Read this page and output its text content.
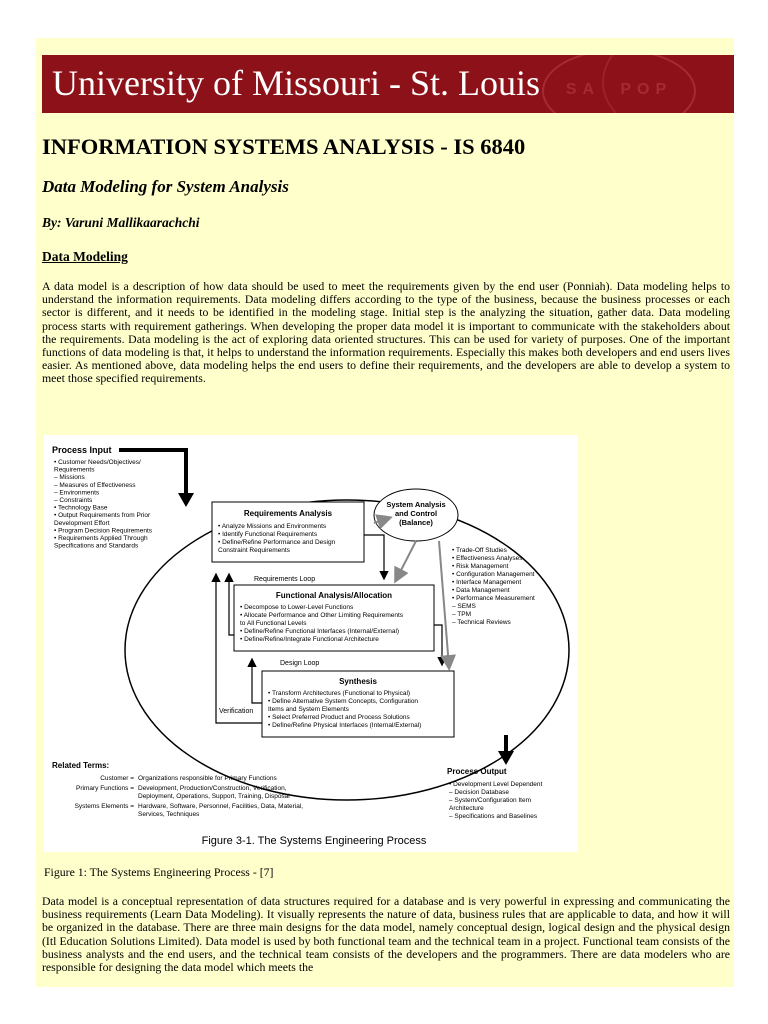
University of Missouri - St. Louis	SA  POP
INFORMATION SYSTEMS ANALYSIS - IS 6840
Data Modeling for System Analysis
By: Varuni Mallikaarachchi
Data Modeling
A data model is a description of how data should be used to meet the requirements given by the end user (Ponniah). Data modeling helps to understand the information requirements. Data modeling differs according to the type of the business, because the business processes or each sector is different, and it needs to be identified in the modeling stage. Initial step is the analyzing the situation, gather data. Data modeling process starts with requirement gatherings. When developing the proper data model it is important to communicate with the stakeholders about the requirements. Data modeling is the act of exploring data oriented structures. This can be used for variety of purposes. One of the important functions of data modeling is that, it helps to understand the information requirements. Especially this makes both developers and end users lives easier. As mentioned above, data modeling helps the end users to define their requirements, and the developers are able to develop a system to meet those specified requirements.
Process Input
• Customer Needs/Objectives/
Requirements
– Missions
– Measures of Effectiveness
– Environments
– Constraints
• Technology Base
• Output Requirements from Prior
Development Effort
• Program Decision Requirements
• Requirements Applied Through
Specifications and Standards
System Analysis
and Control
(Balance)
Requirements Analysis
• Analyze Missions and Environments
• Identify Functional Requirements
• Define/Refine Performance and Design
Constraint Requirements
Requirements Loop
Functional Analysis/Allocation
• Decompose to Lower-Level Functions
• Allocate Performance and Other Limiting Requirements
to All Functional Levels
• Define/Refine Functional Interfaces (Internal/External)
• Define/Refine/Integrate Functional Architecture
Design Loop
Synthesis
• Transform Architectures (Functional to Physical)
• Define Alternative System Concepts, Configuration
Items and System Elements
• Select Preferred Product and Process Solutions
• Define/Refine Physical Interfaces (Internal/External)
Verification
• Trade-Off Studies
• Effectiveness Analyses
• Risk Management
• Configuration Management
• Interface Management
• Data Management
• Performance Measurement
– SEMS
– TPM
– Technical Reviews
Related Terms:
Customer = Organizations responsible for Primary Functions
Primary Functions = Development, Production/Construction, Verification,
Deployment, Operations, Support, Training, Disposal
Systems Elements = Hardware, Software, Personnel, Facilities, Data, Material,
Services, Techniques
Process Output
• Development Level Dependent
– Decision Database
– System/Configuration Item
Architecture
– Specifications and Baselines
Figure 3-1. The Systems Engineering Process
Figure 1: The Systems Engineering Process - [7]
Data model is a conceptual representation of data structures required for a database and is very powerful in expressing and communicating the business requirements (Learn Data Modeling). It visually represents the nature of data, business rules that are applicable to data, and how it will be organized in the database. There are three main designs for the data model, namely conceptual design, logical design and the physical design (Itl Education Solutions Limited). Data model is used by both functional team and the technical team in a project. Functional team consists of the business analysts and the end users, and the technical team consists of the developers and the programmers. There are data modelers who are responsible for designing the data model which meets the
